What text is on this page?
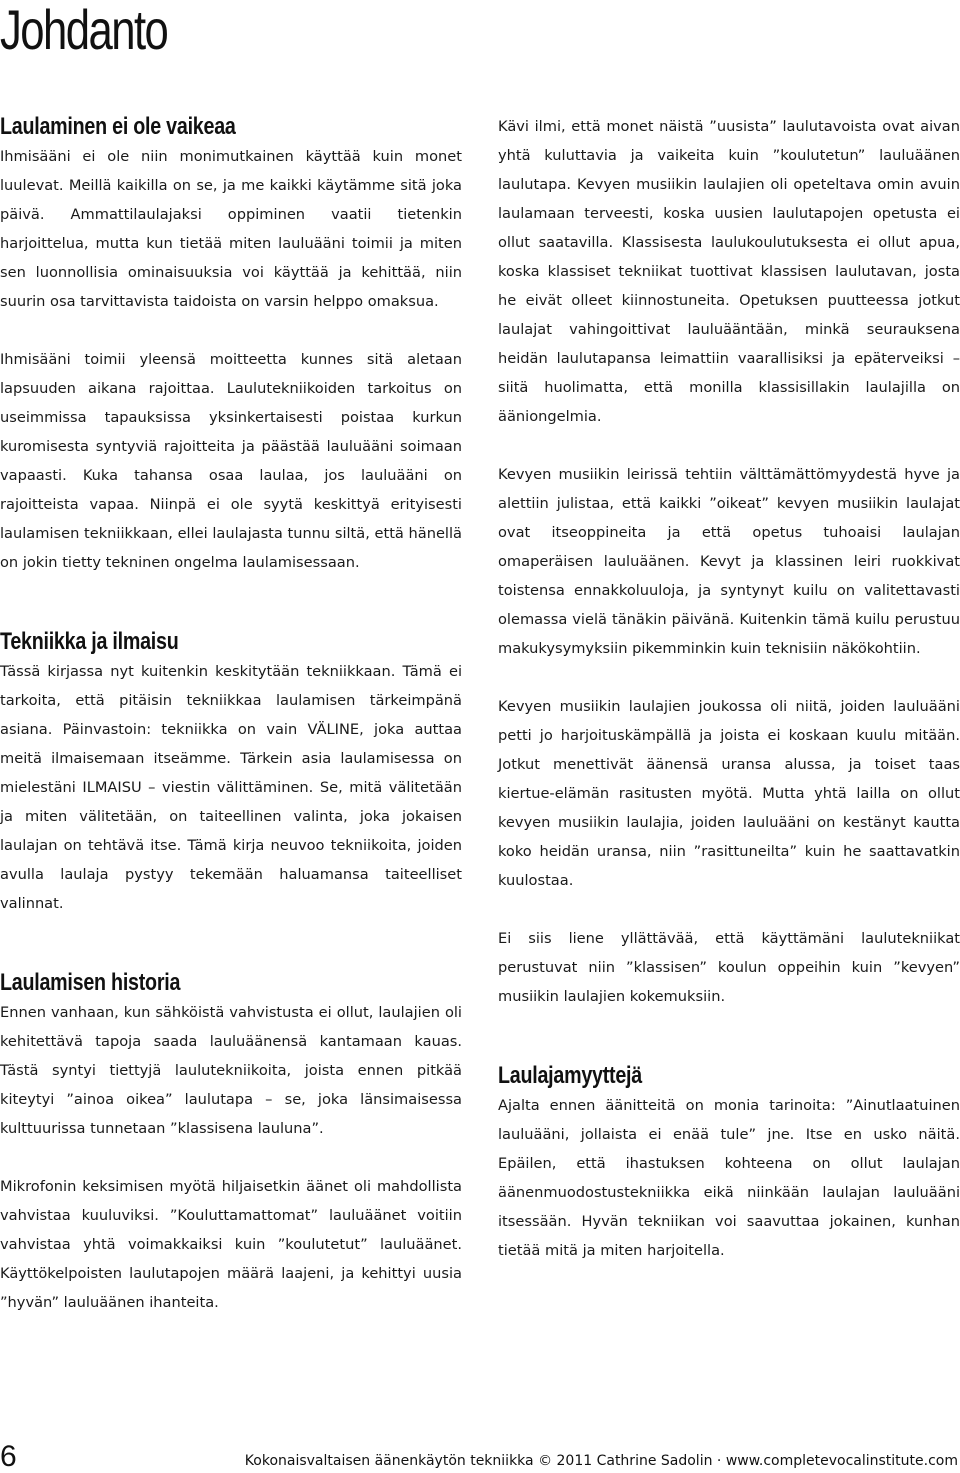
Johdanto
Laulaminen ei ole vaikeaa

Ihmisääni ei ole niin monimutkainen käyttää kuin monet luulevat. Meillä kaikilla on se, ja me kaikki käytämme sitä joka päivä. Ammattilaulajaksi oppiminen vaatii tietenkin harjoittelua, mutta kun tietää miten lauluääni toimii ja miten sen luonnollisia ominaisuuksia voi käyttää ja kehittää, niin suurin osa tarvittavista taidoista on varsin helppo omaksua.

Ihmisääni toimii yleensä moitteetta kunnes sitä aletaan lapsuuden aikana rajoittaa. Laulutekniikoiden tarkoitus on useimmissa tapauksissa yksinkertaisesti poistaa kurkun kuromisesta syntyviä rajoitteita ja päästää lauluääni soimaan vapaasti. Kuka tahansa osaa laulaa, jos lauluääni on rajoitteista vapaa. Niinpä ei ole syytä keskittyä erityisesti laulamisen tekniikkaan, ellei laulajasta tunnu siltä, että hänellä on jokin tietty tekninen ongelma laulamisessaan.

Tekniikka ja ilmaisu

Tässä kirjassa nyt kuitenkin keskitytään tekniikkaan. Tämä ei tarkoita, että pitäisin tekniikkaa laulamisen tärkeimpänä asiana. Päinvastoin: tekniikka on vain VÄLINE, joka auttaa meitä ilmaisemaan itseämme. Tärkein asia laulamisessa on mielestäni ILMAISU – viestin välittäminen. Se, mitä välitetään ja miten välitetään, on taiteellinen valinta, joka jokaisen laulajan on tehtävä itse. Tämä kirja neuvoo tekniikoita, joiden avulla laulaja pystyy tekemään haluamansa taiteelliset valinnat.

Laulamisen historia

Ennen vanhaan, kun sähköistä vahvistusta ei ollut, laulajien oli kehitettävä tapoja saada lauluäänensä kantamaan kauas. Tästä syntyi tiettyjä laulutekniikoita, joista ennen pitkää kiteytyi ”ainoa oikea” laulutapa – se, joka länsimaisessa kulttuurissa tunnetaan ”klassisena lauluna”.

Mikrofonin keksimisen myötä hiljaisetkin äänet oli mahdollista vahvistaa kuuluviksi. ”Kouluttamattomat” lauluäänet voitiin vahvistaa yhtä voimakkaiksi kuin ”koulutetut” lauluäänet. Käyttökelpoisten laulutapojen määrä laajeni, ja kehittyi uusia ”hyvän” lauluäänen ihanteita.

Kävi ilmi, että monet näistä ”uusista” laulutavoista ovat aivan yhtä kuluttavia ja vaikeita kuin ”koulutetun” lauluäänen laulutapa. Kevyen musiikin laulajien oli opeteltava omin avuin laulamaan terveesti, koska uusien laulutapojen opetusta ei ollut saatavilla. Klassisesta laulukoulutuksesta ei ollut apua, koska klassiset tekniikat tuottivat klassisen laulutavan, josta he eivät olleet kiinnostuneita. Opetuksen puutteessa jotkut laulajat vahingoittivat lauluääntään, minkä seurauksena heidän laulutapansa leimattiin vaarallisiksi ja epäterveiksi – siitä huolimatta, että monilla klassisillakin laulajilla on ääniongelmia.

Kevyen musiikin leirissä tehtiin välttämättömyydestä hyve ja alettiin julistaa, että kaikki ”oikeat” kevyen musiikin laulajat ovat itseoppineita ja että opetus tuhoaisi laulajan omaperäisen lauluäänen. Kevyt ja klassinen leiri ruokkivat toistensa ennakkoluuloja, ja syntynyt kuilu on valitettavasti olemassa vielä tänäkin päivänä. Kuitenkin tämä kuilu perustuu makukysymyksiin pikemminkin kuin teknisiin näkökohtiin.

Kevyen musiikin laulajien joukossa oli niitä, joiden lauluääni petti jo harjoituskämpällä ja joista ei koskaan kuulu mitään. Jotkut menettivät äänensä uransa alussa, ja toiset taas kiertue-elämän rasitusten myötä. Mutta yhtä lailla on ollut kevyen musiikin laulajia, joiden lauluääni on kestänyt kautta koko heidän uransa, niin ”rasittuneilta” kuin he saattavatkin kuulostaa.

Ei siis liene yllättävää, että käyttämäni laulutekniikat perustuvat niin ”klassisen” koulun oppeihin kuin ”kevyen” musiikin laulajien kokemuksiin.

Laulajamyyttejä

Ajalta ennen äänitteitä on monia tarinoita: ”Ainutlaatuinen lauluääni, jollaista ei enää tule” jne. Itse en usko näitä. Epäilen, että ihastuksen kohteena on ollut laulajan äänenmuodostustekniikka eikä niinkään laulajan lauluääni itsessään. Hyvän tekniikan voi saavuttaa jokainen, kunhan tietää mitä ja miten harjoitella.

6	Kokonaisvaltaisen äänenkäytön tekniikka © 2011 Cathrine Sadolin · www.completevocalinstitute.com
